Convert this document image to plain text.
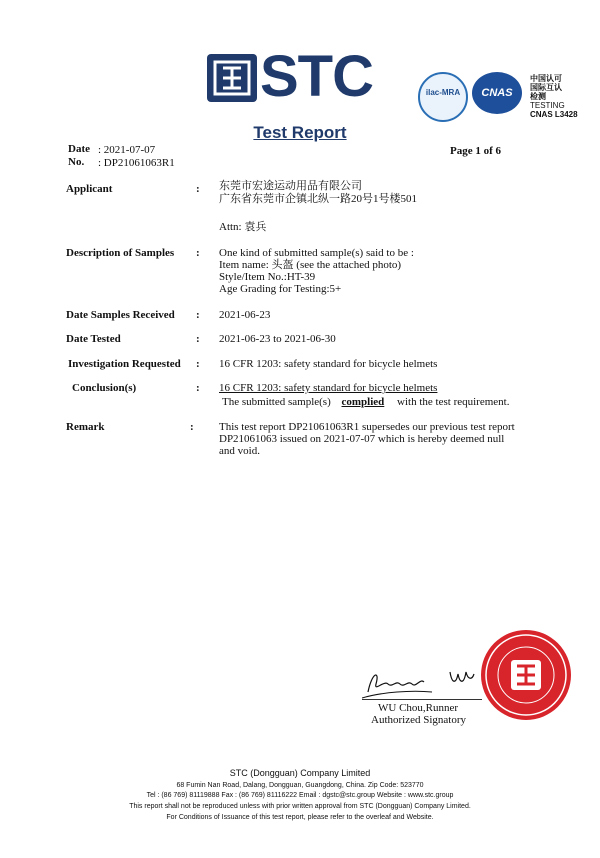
STC	ilac-MRA	CNAS
中国认可
国际互认
检测
TESTING
CNAS L3428
Test Report
Date : 2021-07-07
No. : DP21061063R1
Page 1 of 6
Applicant	: 东莞市宏途运动用品有限公司
广东省东莞市企镇北纵一路20号1号楼501
Attn: 袁兵
Description of Samples : One kind of submitted sample(s) said to be :
Item name: 头盔 (see the attached photo)
Style/Item No.:HT-39
Age Grading for Testing:5+
Date Samples Received : 2021-06-23
Date Tested	: 2021-06-23 to 2021-06-30
Investigation Requested : 16 CFR 1203: safety standard for bicycle helmets
Conclusion(s)	: 16 CFR 1203: safety standard for bicycle helmets
The submitted sample(s) complied with the test requirement.
Remark	: This test report DP21061063R1 supersedes our previous test report
DP21061063 issued on 2021-07-07 which is hereby deemed null
and void.
WU Chou,Runner
Authorized Signatory
STC (Dongguan) Company Limited
68 Fumin Nan Road, Dalang, Dongguan, Guangdong, China. Zip Code: 523770
Tel : (86 769) 81119888 Fax : (86 769) 81116222 Email : dgstc@stc.group Website : www.stc.group
This report shall not be reproduced unless with prior written approval from STC (Dongguan) Company Limited.
For Conditions of Issuance of this test report, please refer to the overleaf and Website.
